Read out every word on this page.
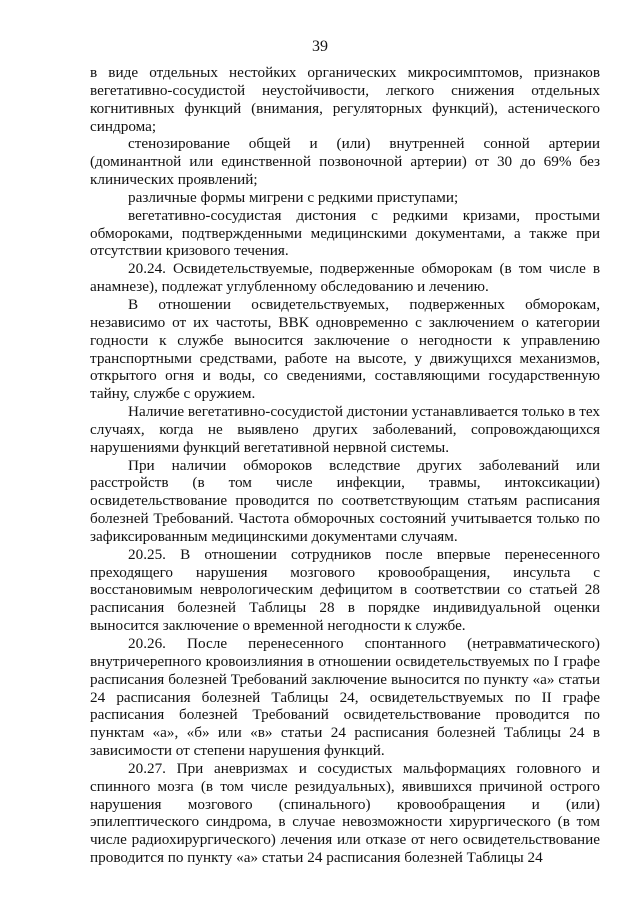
39

в виде отдельных нестойких органических микросимптомов, признаков вегетативно-сосудистой неустойчивости, легкого снижения отдельных когнитивных функций (внимания, регуляторных функций), астенического синдрома;

стенозирование общей и (или) внутренней сонной артерии (доминантной или единственной позвоночной артерии) от 30 до 69% без клинических проявлений;

различные формы мигрени с редкими приступами;

вегетативно-сосудистая дистония с редкими кризами, простыми обмороками, подтвержденными медицинскими документами, а также при отсутствии кризового течения.

20.24. Освидетельствуемые, подверженные обморокам (в том числе в анамнезе), подлежат углубленному обследованию и лечению.

В отношении освидетельствуемых, подверженных обморокам, независимо от их частоты, ВВК одновременно с заключением о категории годности к службе выносится заключение о негодности к управлению транспортными средствами, работе на высоте, у движущихся механизмов, открытого огня и воды, со сведениями, составляющими государственную тайну, службе с оружием.

Наличие вегетативно-сосудистой дистонии устанавливается только в тех случаях, когда не выявлено других заболеваний, сопровождающихся нарушениями функций вегетативной нервной системы.

При наличии обмороков вследствие других заболеваний или расстройств (в том числе инфекции, травмы, интоксикации) освидетельствование проводится по соответствующим статьям расписания болезней Требований. Частота обморочных состояний учитывается только по зафиксированным медицинскими документами случаям.

20.25. В отношении сотрудников после впервые перенесенного преходящего нарушения мозгового кровообращения, инсульта с восстановимым неврологическим дефицитом в соответствии со статьей 28 расписания болезней Таблицы 28 в порядке индивидуальной оценки выносится заключение о временной негодности к службе.

20.26. После перенесенного спонтанного (нетравматического) внутричерепного кровоизлияния в отношении освидетельствуемых по I графе расписания болезней Требований заключение выносится по пункту «а» статьи 24 расписания болезней Таблицы 24, освидетельствуемых по II графе расписания болезней Требований освидетельствование проводится по пунктам «а», «б» или «в» статьи 24 расписания болезней Таблицы 24 в зависимости от степени нарушения функций.

20.27. При аневризмах и сосудистых мальформациях головного и спинного мозга (в том числе резидуальных), явившихся причиной острого нарушения мозгового (спинального) кровообращения и (или) эпилептического синдрома, в случае невозможности хирургического (в том числе радиохирургического) лечения или отказе от него освидетельствование проводится по пункту «а» статьи 24 расписания болезней Таблицы 24
